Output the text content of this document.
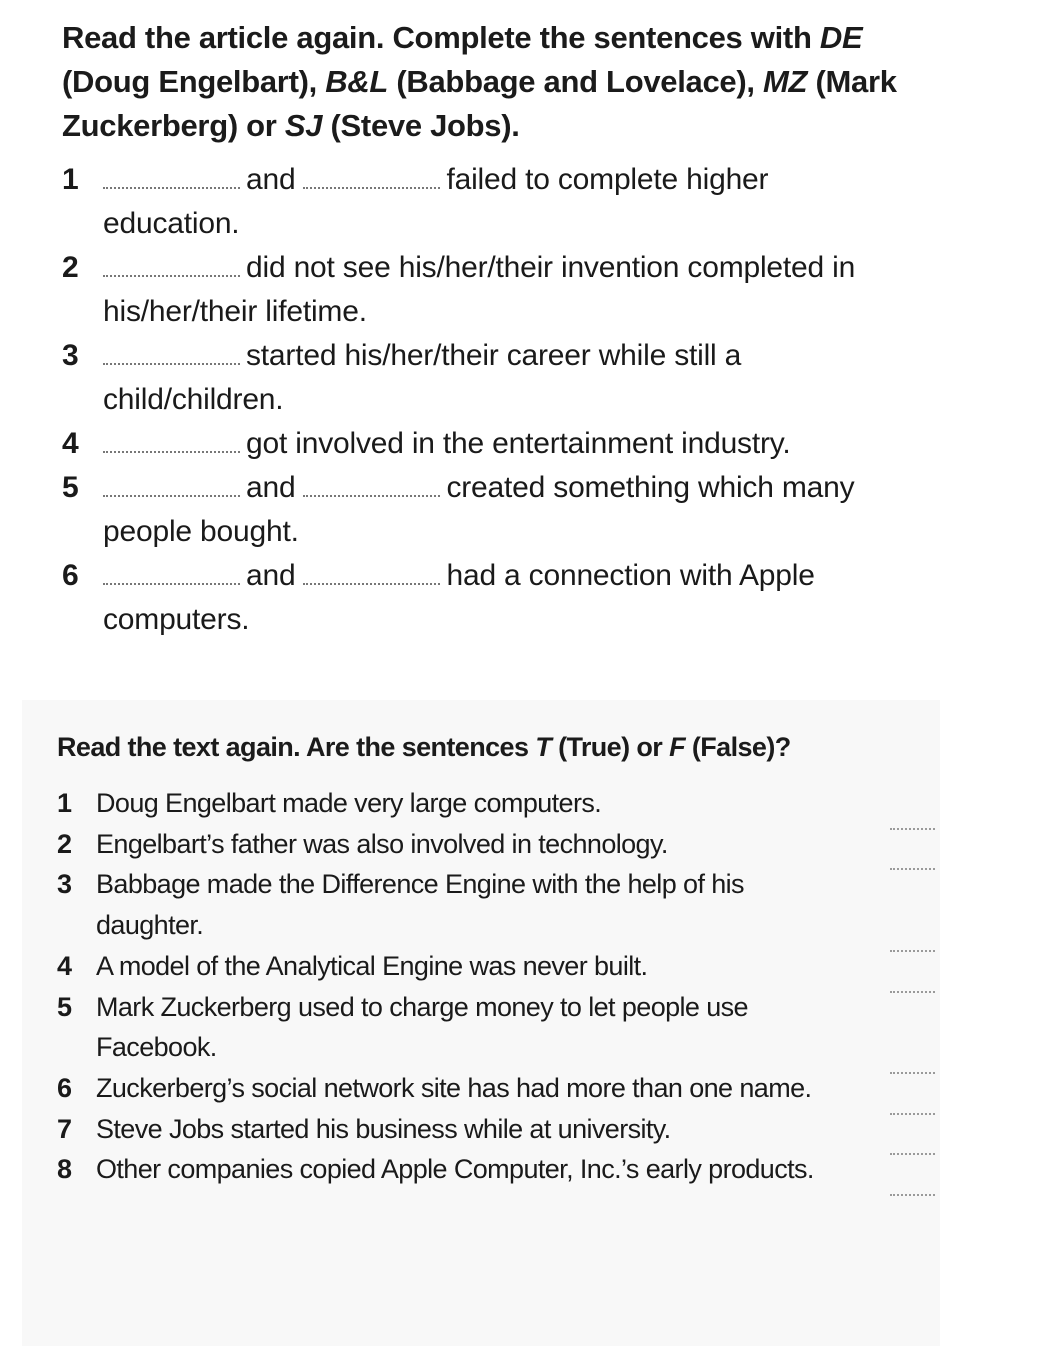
Read the article again. Complete the sentences with DE (Doug Engelbart), B&L (Babbage and Lovelace), MZ (Mark Zuckerberg) or SJ (Steve Jobs).
1	and	failed to complete higher education.
2	did not see his/her/their invention completed in his/her/their lifetime.
3	started his/her/their career while still a child/children.
4	got involved in the entertainment industry.
5	and	created something which many people bought.
6	and	had a connection with Apple computers.
Read the text again. Are the sentences T (True) or F (False)?
1 Doug Engelbart made very large computers.
2 Engelbart’s father was also involved in technology.
3 Babbage made the Difference Engine with the help of his daughter.
4 A model of the Analytical Engine was never built.
5 Mark Zuckerberg used to charge money to let people use Facebook.
6 Zuckerberg’s social network site has had more than one name.
7 Steve Jobs started his business while at university.
8 Other companies copied Apple Computer, Inc.’s early products.
